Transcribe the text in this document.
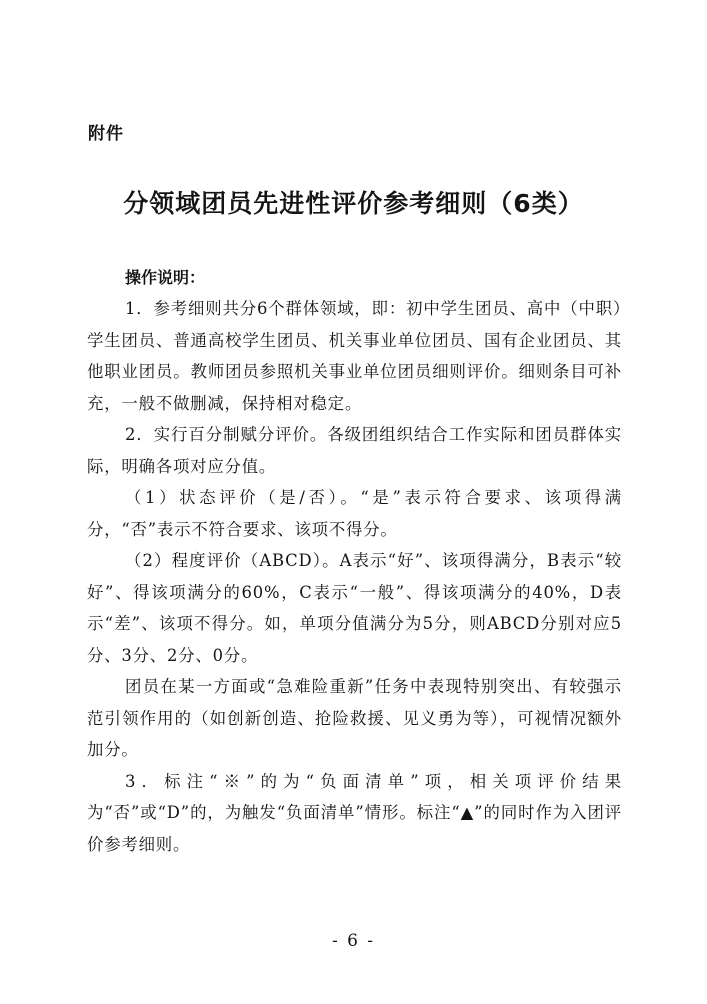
附件
分领域团员先进性评价参考细则（6类）

操作说明：

1．参考细则共分6个群体领域，即：初中学生团员、高中（中职）学生团员、普通高校学生团员、机关事业单位团员、国有企业团员、其他职业团员。教师团员参照机关事业单位团员细则评价。细则条目可补充，一般不做删减，保持相对稳定。

2．实行百分制赋分评价。各级团组织结合工作实际和团员群体实际，明确各项对应分值。

（1）状态评价（是/否）。“是”表示符合要求、该项得满分，“否”表示不符合要求、该项不得分。

（2）程度评价（ABCD）。A表示“好”、该项得满分，B表示“较好”、得该项满分的60%，C表示“一般”、得该项满分的40%，D表示“差”、该项不得分。如，单项分值满分为5分，则ABCD分别对应5分、3分、2分、0分。

团员在某一方面或“急难险重新”任务中表现特别突出、有较强示范引领作用的（如创新创造、抢险救援、见义勇为等），可视情况额外加分。

3．标注“※”的为“负面清单”项，相关项评价结果为“否”或“D”的，为触发“负面清单”情形。标注“▲”的同时作为入团评价参考细则。

- 6 -
